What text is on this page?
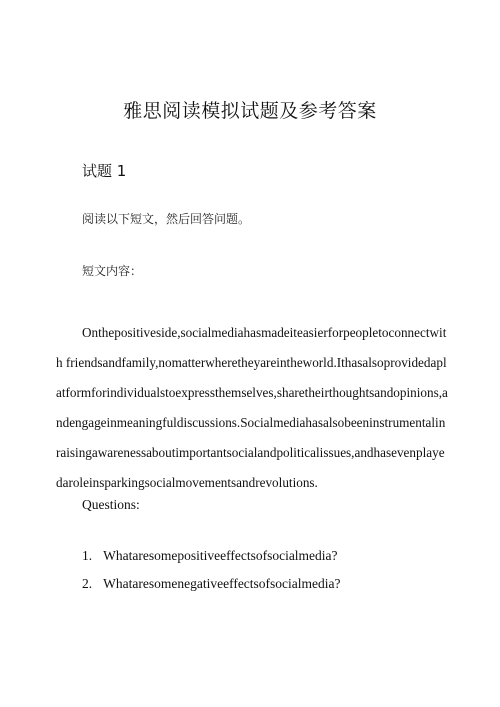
雅思阅读模拟试题及参考答案
试题 1
阅读以下短文，然后回答问题。
短文内容：

Onthepositiveside,socialmediahasmadeiteasierforpeopletoconnectwith friendsandfamily,nomatterwheretheyareintheworld.Ithasalsoprovidedaplatformforindividualstoexpressthemselves,sharetheirthoughtsandopinions,andengageinmeaningfuldiscussions.Socialmediahasalsobeeninstrumentalinraisingawarenessaboutimportantsocialandpoliticalissues,andhasevenplayedaroleinsparkingsocialmovementsandrevolutions.

Questions:
1. Whataresomepositiveeffectsofsocialmedia?
2. Whataresomenegativeeffectsofsocialmedia?
